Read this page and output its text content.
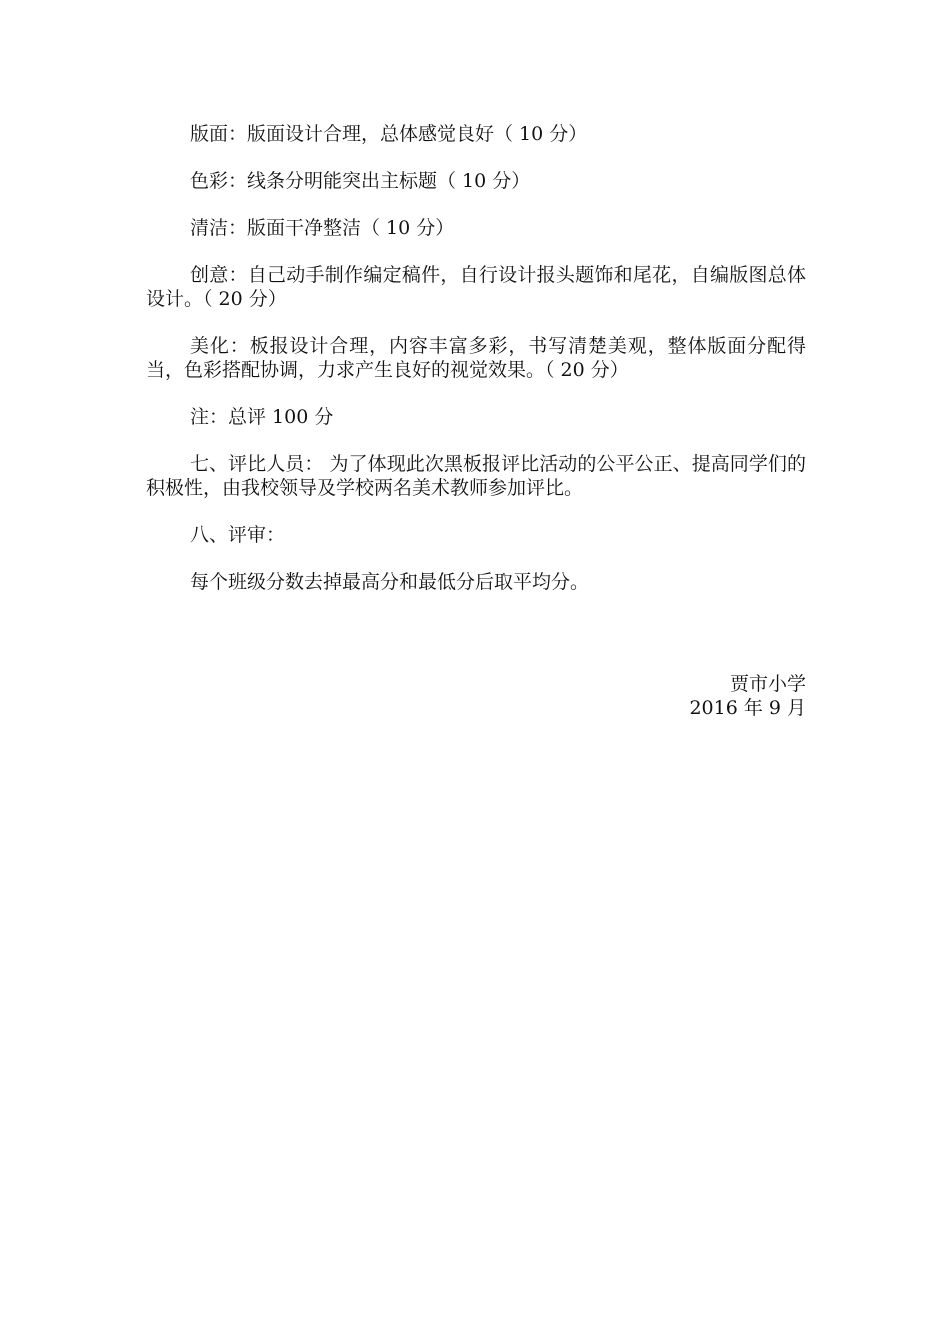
版面：版面设计合理，总体感觉良好（ 10 分）

色彩：线条分明能突出主标题（ 10 分）

清洁：版面干净整洁（ 10 分）

创意：自己动手制作编定稿件，自行设计报头题饰和尾花，自编版图总体设计。（ 20 分）

美化：板报设计合理，内容丰富多彩，书写清楚美观，整体版面分配得当，色彩搭配协调，力求产生良好的视觉效果。（ 20 分）

注：总评 100 分

七、评比人员： 为了体现此次黑板报评比活动的公平公正、提高同学们的积极性，由我校领导及学校两名美术教师参加评比。

八、评审：

每个班级分数去掉最高分和最低分后取平均分。

贾市小学
2016 年 9 月
